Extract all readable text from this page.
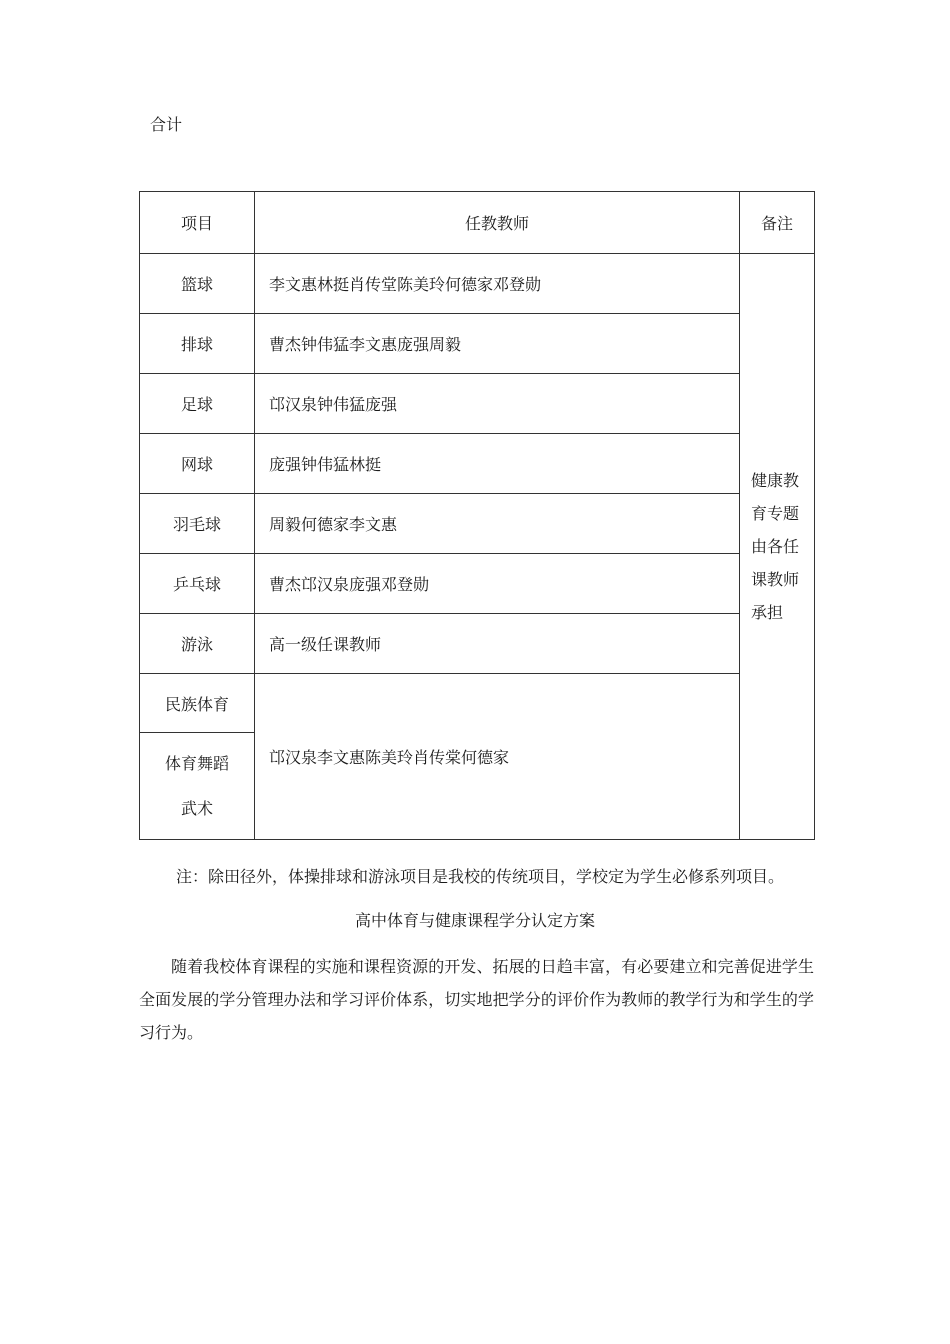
合计
项目	任教教师	备注
篮球	李文惠林挺肖传堂陈美玲何德家邓登勋	健康教育专题由各任课教师承担

排球	曹杰钟伟猛李文惠庞强周毅	
足球	邙汉泉钟伟猛庞强	
网球	庞强钟伟猛林挺	
羽毛球	周毅何德家李文惠	
乒乓球	曹杰邙汉泉庞强邓登勋	
游泳	高一级任课教师	
民族体育	邙汉泉李文惠陈美玲肖传棠何德家	
体育舞蹈
武术		
注：除田径外，体操排球和游泳项目是我校的传统项目，学校定为学生必修系列项目。
高中体育与健康课程学分认定方案
随着我校体育课程的实施和课程资源的开发、拓展的日趋丰富，有必要建立和完善促进学生全面发展的学分管理办法和学习评价体系，切实地把学分的评价作为教师的教学行为和学生的学习行为。
